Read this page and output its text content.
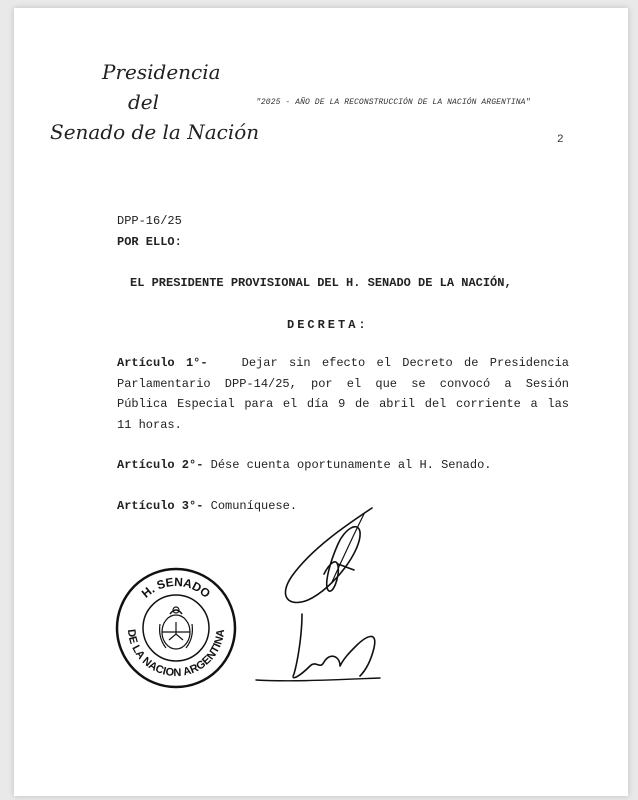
Presidencia
del
Senado de la Nación
"2025 - AÑO DE LA RECONSTRUCCIÓN DE LA NACIÓN ARGENTINA"
2
DPP-16/25
POR ELLO:
EL PRESIDENTE PROVISIONAL DEL H. SENADO DE LA NACIÓN,
DECRETA:
Artículo 1°-	Dejar sin efecto el Decreto de Presidencia
Parlamentario DPP-14/25, por el que se convocó a Sesión
Pública Especial para el día 9 de abril del corriente a las
11 horas.
Artículo 2°- Dése cuenta oportunamente al H. Senado.
Artículo 3°- Comuníquese.
H. SENADO
DE LA NACION ARGENTINA
